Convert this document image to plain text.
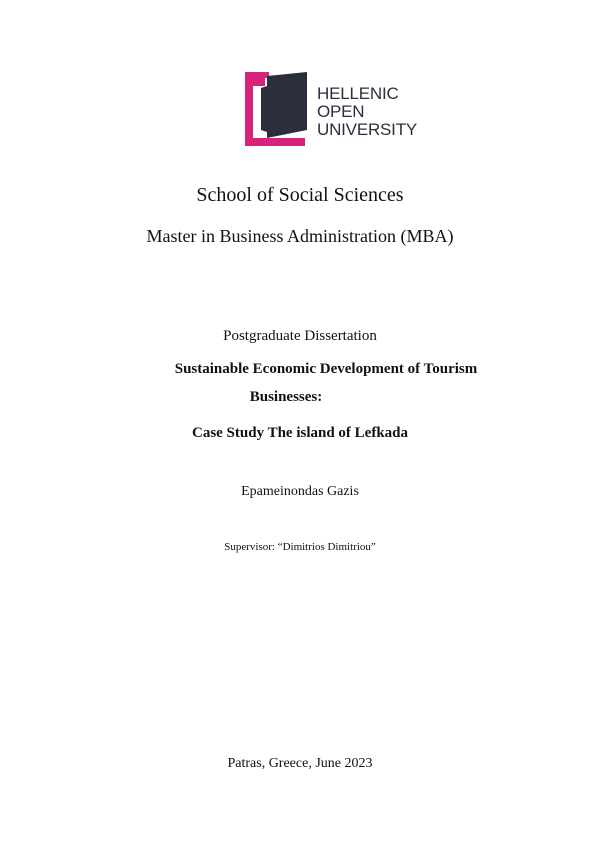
HELLENIC
OPEN
UNIVERSITY
School of Social Sciences
Master in Business Administration (MBA)
Postgraduate Dissertation
Sustainable Economic Development of Tourism
Businesses:
Case Study The island of Lefkada
Epameinondas Gazis
Supervisor: “Dimitrios Dimitriou”
Patras, Greece, June 2023
